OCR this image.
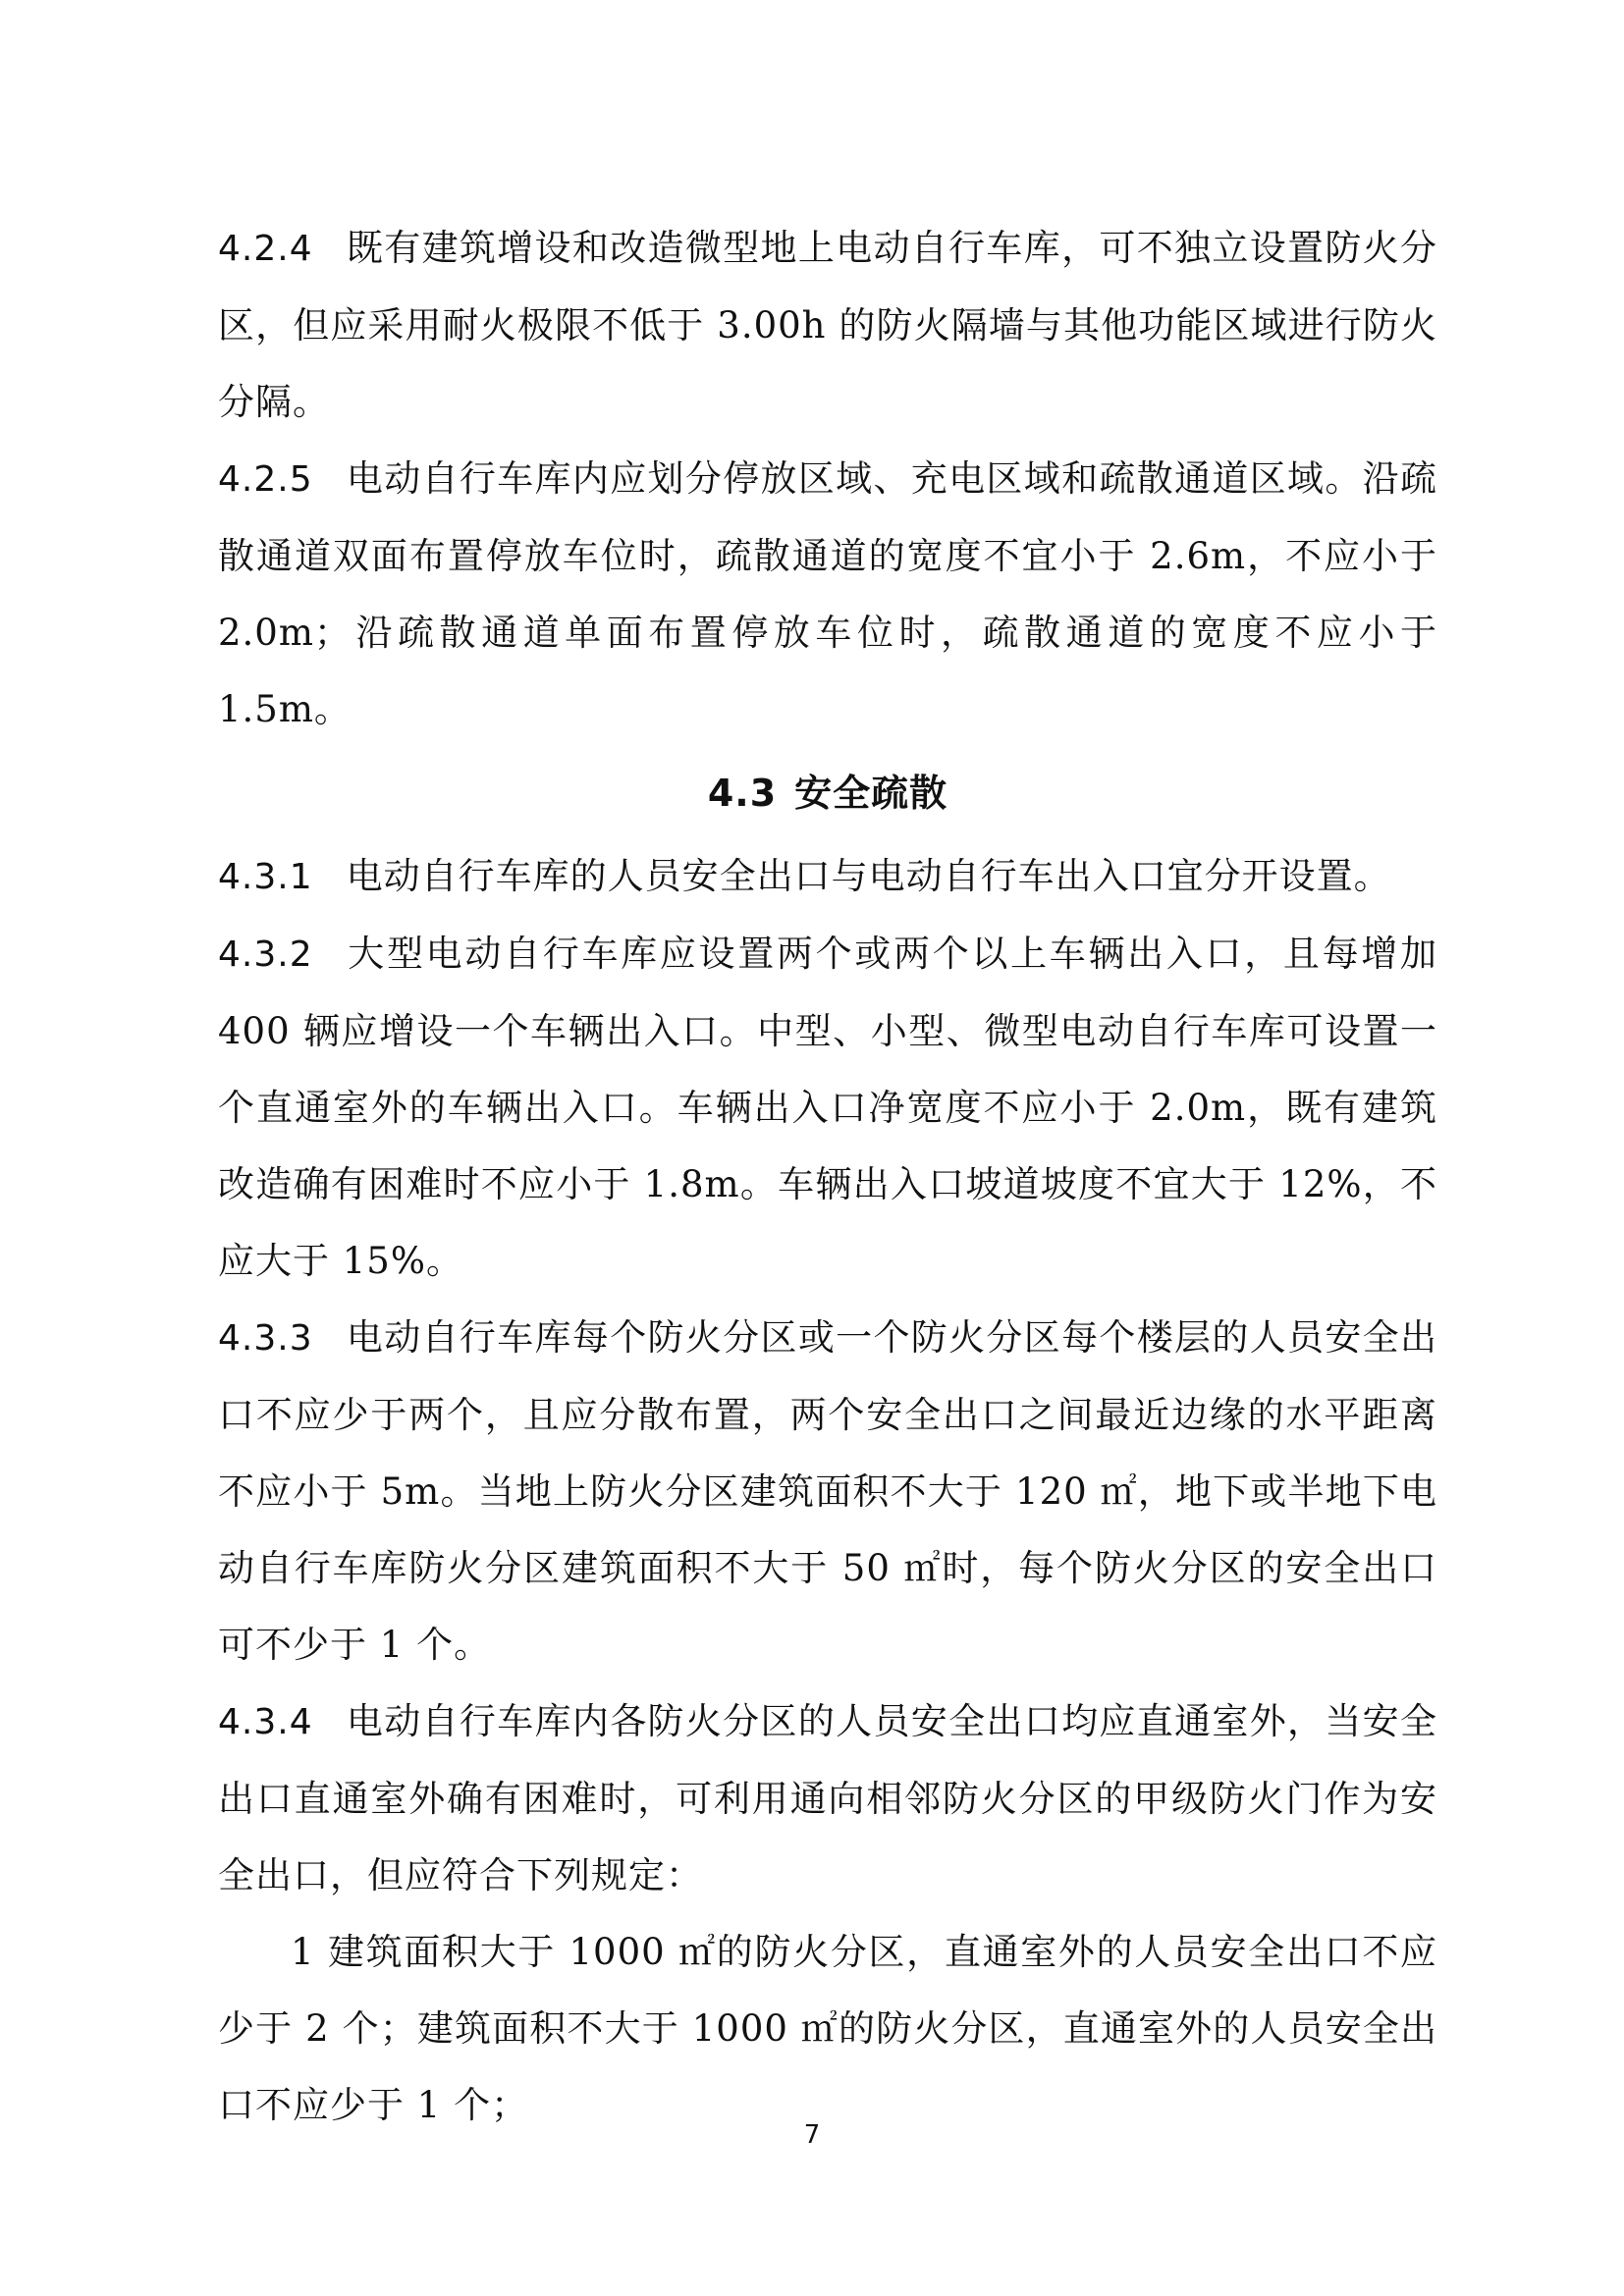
4.2.4 既有建筑增设和改造微型地上电动自行车库，可不独立设置防火分区，但应采用耐火极限不低于 3.00h 的防火隔墙与其他功能区域进行防火分隔。

4.2.5 电动自行车库内应划分停放区域、充电区域和疏散通道区域。沿疏散通道双面布置停放车位时，疏散通道的宽度不宜小于 2.6m，不应小于 2.0m；沿疏散通道单面布置停放车位时，疏散通道的宽度不应小于 1.5m。

4.3 安全疏散

4.3.1 电动自行车库的人员安全出口与电动自行车出入口宜分开设置。

4.3.2 大型电动自行车库应设置两个或两个以上车辆出入口，且每增加 400 辆应增设一个车辆出入口。中型、小型、微型电动自行车库可设置一个直通室外的车辆出入口。车辆出入口净宽度不应小于 2.0m，既有建筑改造确有困难时不应小于 1.8m。车辆出入口坡道坡度不宜大于 12%，不应大于 15%。

4.3.3 电动自行车库每个防火分区或一个防火分区每个楼层的人员安全出口不应少于两个，且应分散布置，两个安全出口之间最近边缘的水平距离不应小于 5m。当地上防火分区建筑面积不大于 120 ㎡，地下或半地下电动自行车库防火分区建筑面积不大于 50 ㎡时，每个防火分区的安全出口可不少于 1 个。

4.3.4 电动自行车库内各防火分区的人员安全出口均应直通室外，当安全出口直通室外确有困难时，可利用通向相邻防火分区的甲级防火门作为安全出口，但应符合下列规定：

1 建筑面积大于 1000 ㎡的防火分区，直通室外的人员安全出口不应少于 2 个；建筑面积不大于 1000 ㎡的防火分区，直通室外的人员安全出口不应少于 1 个；

7
